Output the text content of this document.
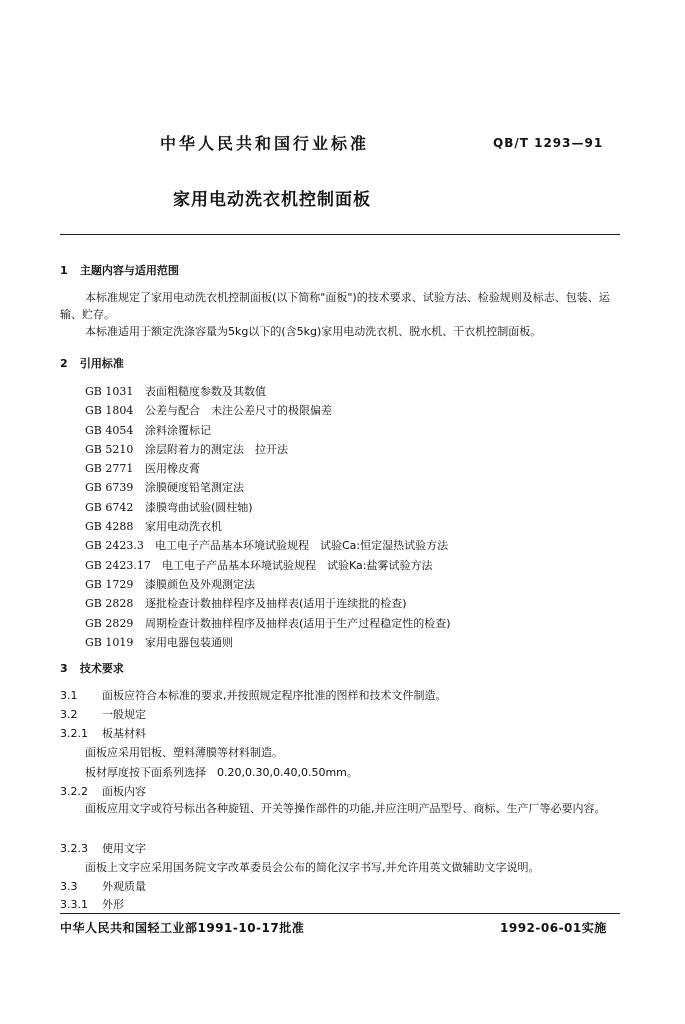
中华人民共和国行业标准	QB/T 1293—91
家用电动洗衣机控制面板
1 主题内容与适用范围
本标准规定了家用电动洗衣机控制面板(以下简称"面板")的技术要求、试验方法、检验规则及标志、包装、运输、贮存。
本标准适用于额定洗涤容量为5kg以下的(含5kg)家用电动洗衣机、脱水机、干衣机控制面板。
2 引用标准
GB 1031 表面粗糙度参数及其数值
GB 1804 公差与配合　未注公差尺寸的极限偏差
GB 4054 涂料涂覆标记
GB 5210 涂层附着力的测定法　拉开法
GB 2771 医用橡皮膏
GB 6739 涂膜硬度铅笔测定法
GB 6742 漆膜弯曲试验(圆柱轴)
GB 4288 家用电动洗衣机
GB 2423.3 电工电子产品基本环境试验规程　试验Ca:恒定湿热试验方法
GB 2423.17 电工电子产品基本环境试验规程　试验Ka:盐雾试验方法
GB 1729 漆膜颜色及外观测定法
GB 2828 逐批检查计数抽样程序及抽样表(适用于连续批的检查)
GB 2829 周期检查计数抽样程序及抽样表(适用于生产过程稳定性的检查)
GB 1019 家用电器包装通则
3 技术要求
3.1 面板应符合本标准的要求,并按照规定程序批准的图样和技术文件制造。
3.2 一般规定
3.2.1 板基材料
面板应采用铝板、塑料薄膜等材料制造。
板材厚度按下面系列选择　0.20,0.30,0.40,0.50mm。
3.2.2 面板内容
面板应用文字或符号标出各种旋钮、开关等操作部件的功能,并应注明产品型号、商标、生产厂等必要内容。
3.2.3 使用文字
面板上文字应采用国务院文字改革委员会公布的简化汉字书写,并允许用英文做辅助文字说明。
3.3 外观质量
3.3.1 外形
中华人民共和国轻工业部1991-10-17批准	1992-06-01实施
